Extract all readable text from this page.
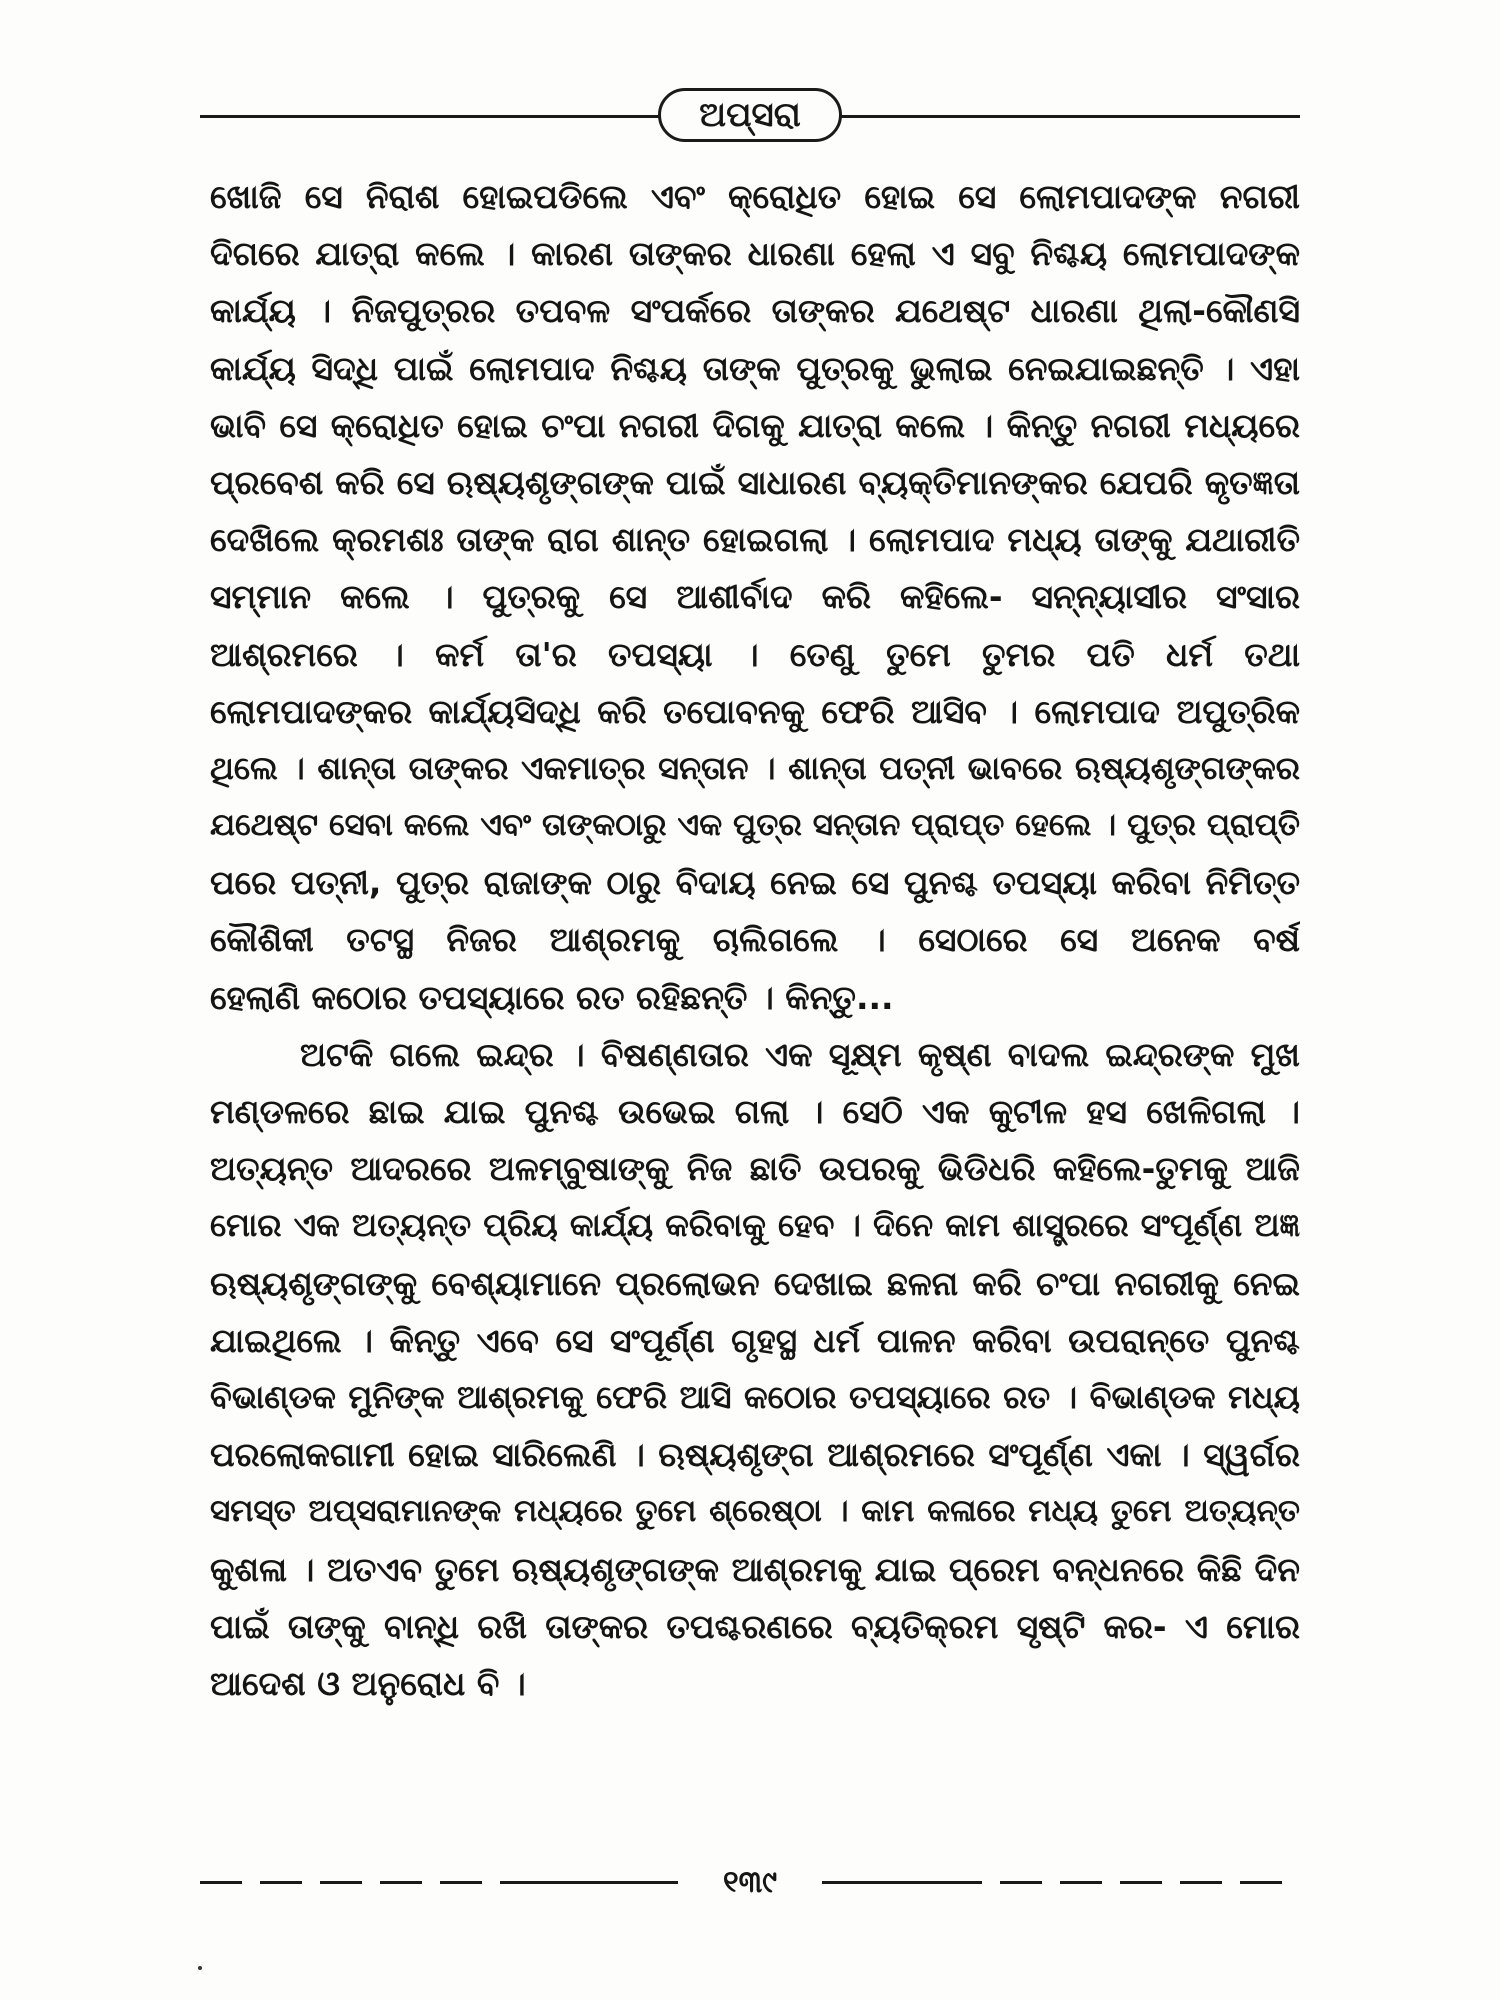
ଅପ୍ସରା
ଖୋଜି ସେ ନିରାଶ ହୋଇପଡିଲେ ଏବଂ କ୍ରୋଧିତ ହୋଇ ସେ ଲୋମପାଦଙ୍କ ନଗରୀ
ଦିଗରେ ଯାତ୍ରା କଲେ । କାରଣ ତାଙ୍କର ଧାରଣା ହେଲା ଏ ସବୁ ନିଶ୍ଚୟ ଲୋମପାଦଙ୍କ
କାର୍ଯ୍ୟ । ନିଜପୁତ୍ରର ତପବଳ ସଂପର୍କରେ ତାଙ୍କର ଯଥେଷ୍ଟ ଧାରଣା ଥିଲା-କୌଣସି
କାର୍ଯ୍ୟ ସିଦ୍ଧି ପାଇଁ ଲୋମପାଦ ନିଶ୍ଚୟ ତାଙ୍କ ପୁତ୍ରକୁ ଭୁଲାଇ ନେଇଯାଇଛନ୍ତି । ଏହା
ଭାବି ସେ କ୍ରୋଧିତ ହୋଇ ଚଂପା ନଗରୀ ଦିଗକୁ ଯାତ୍ରା କଲେ । କିନ୍ତୁ ନଗରୀ ମଧ୍ୟରେ
ପ୍ରବେଶ କରି ସେ ଋଷ୍ୟଶୃଙ୍ଗଙ୍କ ପାଇଁ ସାଧାରଣ ବ୍ୟକ୍ତିମାନଙ୍କର ଯେପରି କୃତଜ୍ଞତା
ଦେଖିଲେ କ୍ରମଶଃ ତାଙ୍କ ରାଗ ଶାନ୍ତ ହୋଇଗଲା । ଲୋମପାଦ ମଧ୍ୟ ତାଙ୍କୁ ଯଥାରୀତି
ସମ୍ମାନ କଲେ । ପୁତ୍ରକୁ ସେ ଆଶୀର୍ବାଦ କରି କହିଲେ- ସନ୍ନ୍ୟାସୀର ସଂସାର
ଆଶ୍ରମରେ । କର୍ମ ତା'ର ତପସ୍ୟା । ତେଣୁ ତୁମେ ତୁମର ପତି ଧର୍ମ ତଥା
ଲୋମପାଦଙ୍କର କାର୍ଯ୍ୟସିଦ୍ଧି କରି ତପୋବନକୁ ଫେରି ଆସିବ । ଲୋମପାଦ ଅପୁତ୍ରିକ
ଥିଲେ । ଶାନ୍ତା ତାଙ୍କର ଏକମାତ୍ର ସନ୍ତାନ । ଶାନ୍ତା ପତ୍ନୀ ଭାବରେ ଋଷ୍ୟଶୃଙ୍ଗଙ୍କର
ଯଥେଷ୍ଟ ସେବା କଲେ ଏବଂ ତାଙ୍କଠାରୁ ଏକ ପୁତ୍ର ସନ୍ତାନ ପ୍ରାପ୍ତ ହେଲେ । ପୁତ୍ର ପ୍ରାପ୍ତି
ପରେ ପତ୍ନୀ, ପୁତ୍ର ରାଜାଙ୍କ ଠାରୁ ବିଦାୟ ନେଇ ସେ ପୁନଶ୍ଚ ତପସ୍ୟା କରିବା ନିମିତ୍ତ
କୌଶିକୀ ତଟସ୍ଥ ନିଜର ଆଶ୍ରମକୁ ଚାଲିଗଲେ । ସେଠାରେ ସେ ଅନେକ ବର୍ଷ
ହେଲାଣି କଠୋର ତପସ୍ୟାରେ ରତ ରହିଛନ୍ତି । କିନ୍ତୁ...
ଅଟକି ଗଲେ ଇନ୍ଦ୍ର । ବିଷଣ୍ଣତାର ଏକ ସୂକ୍ଷ୍ମ କୃଷ୍ଣ ବାଦଲ ଇନ୍ଦ୍ରଙ୍କ ମୁଖ
ମଣ୍ଡଳରେ ଛାଇ ଯାଇ ପୁନଶ୍ଚ ଉଭେଇ ଗଲା । ସେଠି ଏକ କୁଟୀଳ ହସ ଖେଳିଗଲା ।
ଅତ୍ୟନ୍ତ ଆଦରରେ ଅଳମ୍ବୁଷାଙ୍କୁ ନିଜ ଛାତି ଉପରକୁ ଭିଡିଧରି କହିଲେ-ତୁମକୁ ଆଜି
ମୋର ଏକ ଅତ୍ୟନ୍ତ ପ୍ରିୟ କାର୍ଯ୍ୟ କରିବାକୁ ହେବ । ଦିନେ କାମ ଶାସ୍ତ୍ରରେ ସଂପୂର୍ଣ୍ଣ ଅଜ୍ଞ
ଋଷ୍ୟଶୃଙ୍ଗଙ୍କୁ ବେଶ୍ୟାମାନେ ପ୍ରଲୋଭନ ଦେଖାଇ ଛଳନା କରି ଚଂପା ନଗରୀକୁ ନେଇ
ଯାଇଥିଲେ । କିନ୍ତୁ ଏବେ ସେ ସଂପୂର୍ଣ୍ଣ ଗୃହସ୍ଥ ଧର୍ମ ପାଳନ କରିବା ଉପରାନ୍ତେ ପୁନଶ୍ଚ
ବିଭାଣ୍ଡକ ମୁନିଙ୍କ ଆଶ୍ରମକୁ ଫେରି ଆସି କଠୋର ତପସ୍ୟାରେ ରତ । ବିଭାଣ୍ଡକ ମଧ୍ୟ
ପରଲୋକଗାମୀ ହୋଇ ସାରିଲେଣି । ଋଷ୍ୟଶୃଙ୍ଗ ଆଶ୍ରମରେ ସଂପୂର୍ଣ୍ଣ ଏକା । ସ୍ୱର୍ଗର
ସମସ୍ତ ଅପ୍ସରାମାନଙ୍କ ମଧ୍ୟରେ ତୁମେ ଶ୍ରେଷ୍ଠା । କାମ କଳାରେ ମଧ୍ୟ ତୁମେ ଅତ୍ୟନ୍ତ
କୁଶଳା । ଅତଏବ ତୁମେ ଋଷ୍ୟଶୃଙ୍ଗଙ୍କ ଆଶ୍ରମକୁ ଯାଇ ପ୍ରେମ ବନ୍ଧନରେ କିଛି ଦିନ
ପାଇଁ ତାଙ୍କୁ ବାନ୍ଧି ରଖି ତାଙ୍କର ତପଶ୍ଚରଣରେ ବ୍ୟତିକ୍ରମ ସୃଷ୍ଟି କର- ଏ ମୋର
ଆଦେଶ ଓ ଅନୁରୋଧ ବି ।
୧୩୯
